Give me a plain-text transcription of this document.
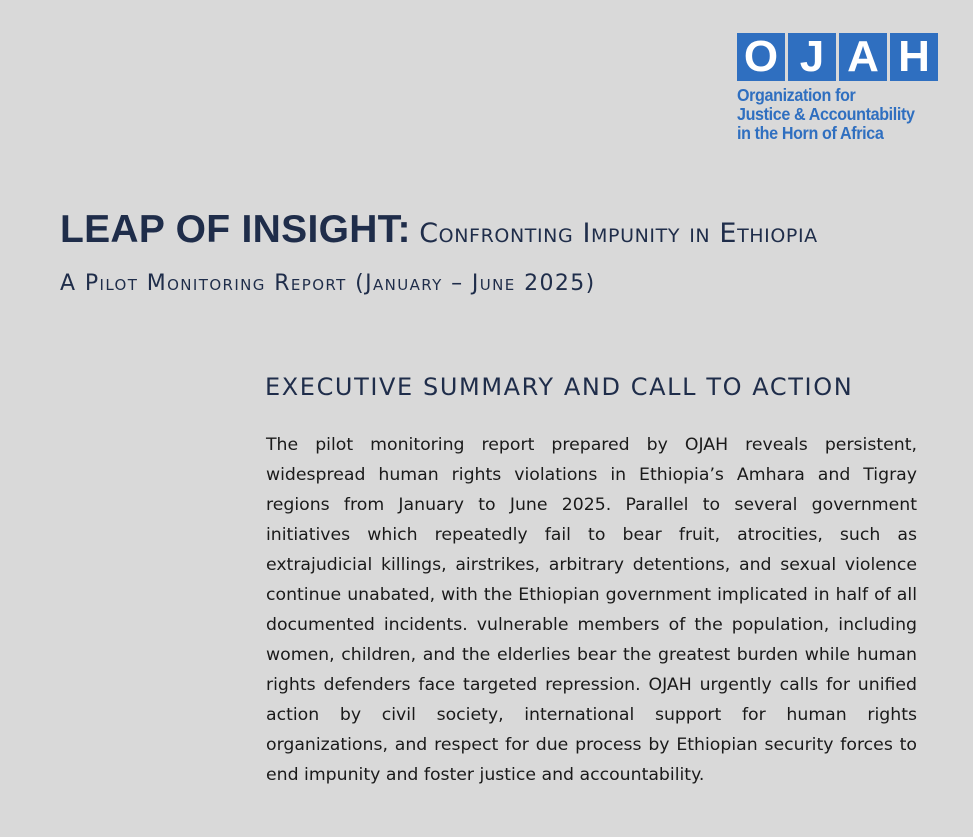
O J A H
Organization for
Justice & Accountability
in the Horn of Africa
LEAP OF INSIGHT: Confronting Impunity in Ethiopia
A Pilot Monitoring Report (January – June 2025)
EXECUTIVE SUMMARY AND CALL TO ACTION

The pilot monitoring report prepared by OJAH reveals persistent, widespread human rights violations in Ethiopia’s Amhara and Tigray regions from January to June 2025. Parallel to several government initiatives which repeatedly fail to bear fruit, atrocities, such as extrajudicial killings, airstrikes, arbitrary detentions, and sexual violence continue unabated, with the Ethiopian government implicated in half of all documented incidents. vulnerable members of the population, including women, children, and the elderlies bear the greatest burden while human rights defenders face targeted repression. OJAH urgently calls for unified action by civil society, international support for human rights organizations, and respect for due process by Ethiopian security forces to end impunity and foster justice and accountability.
